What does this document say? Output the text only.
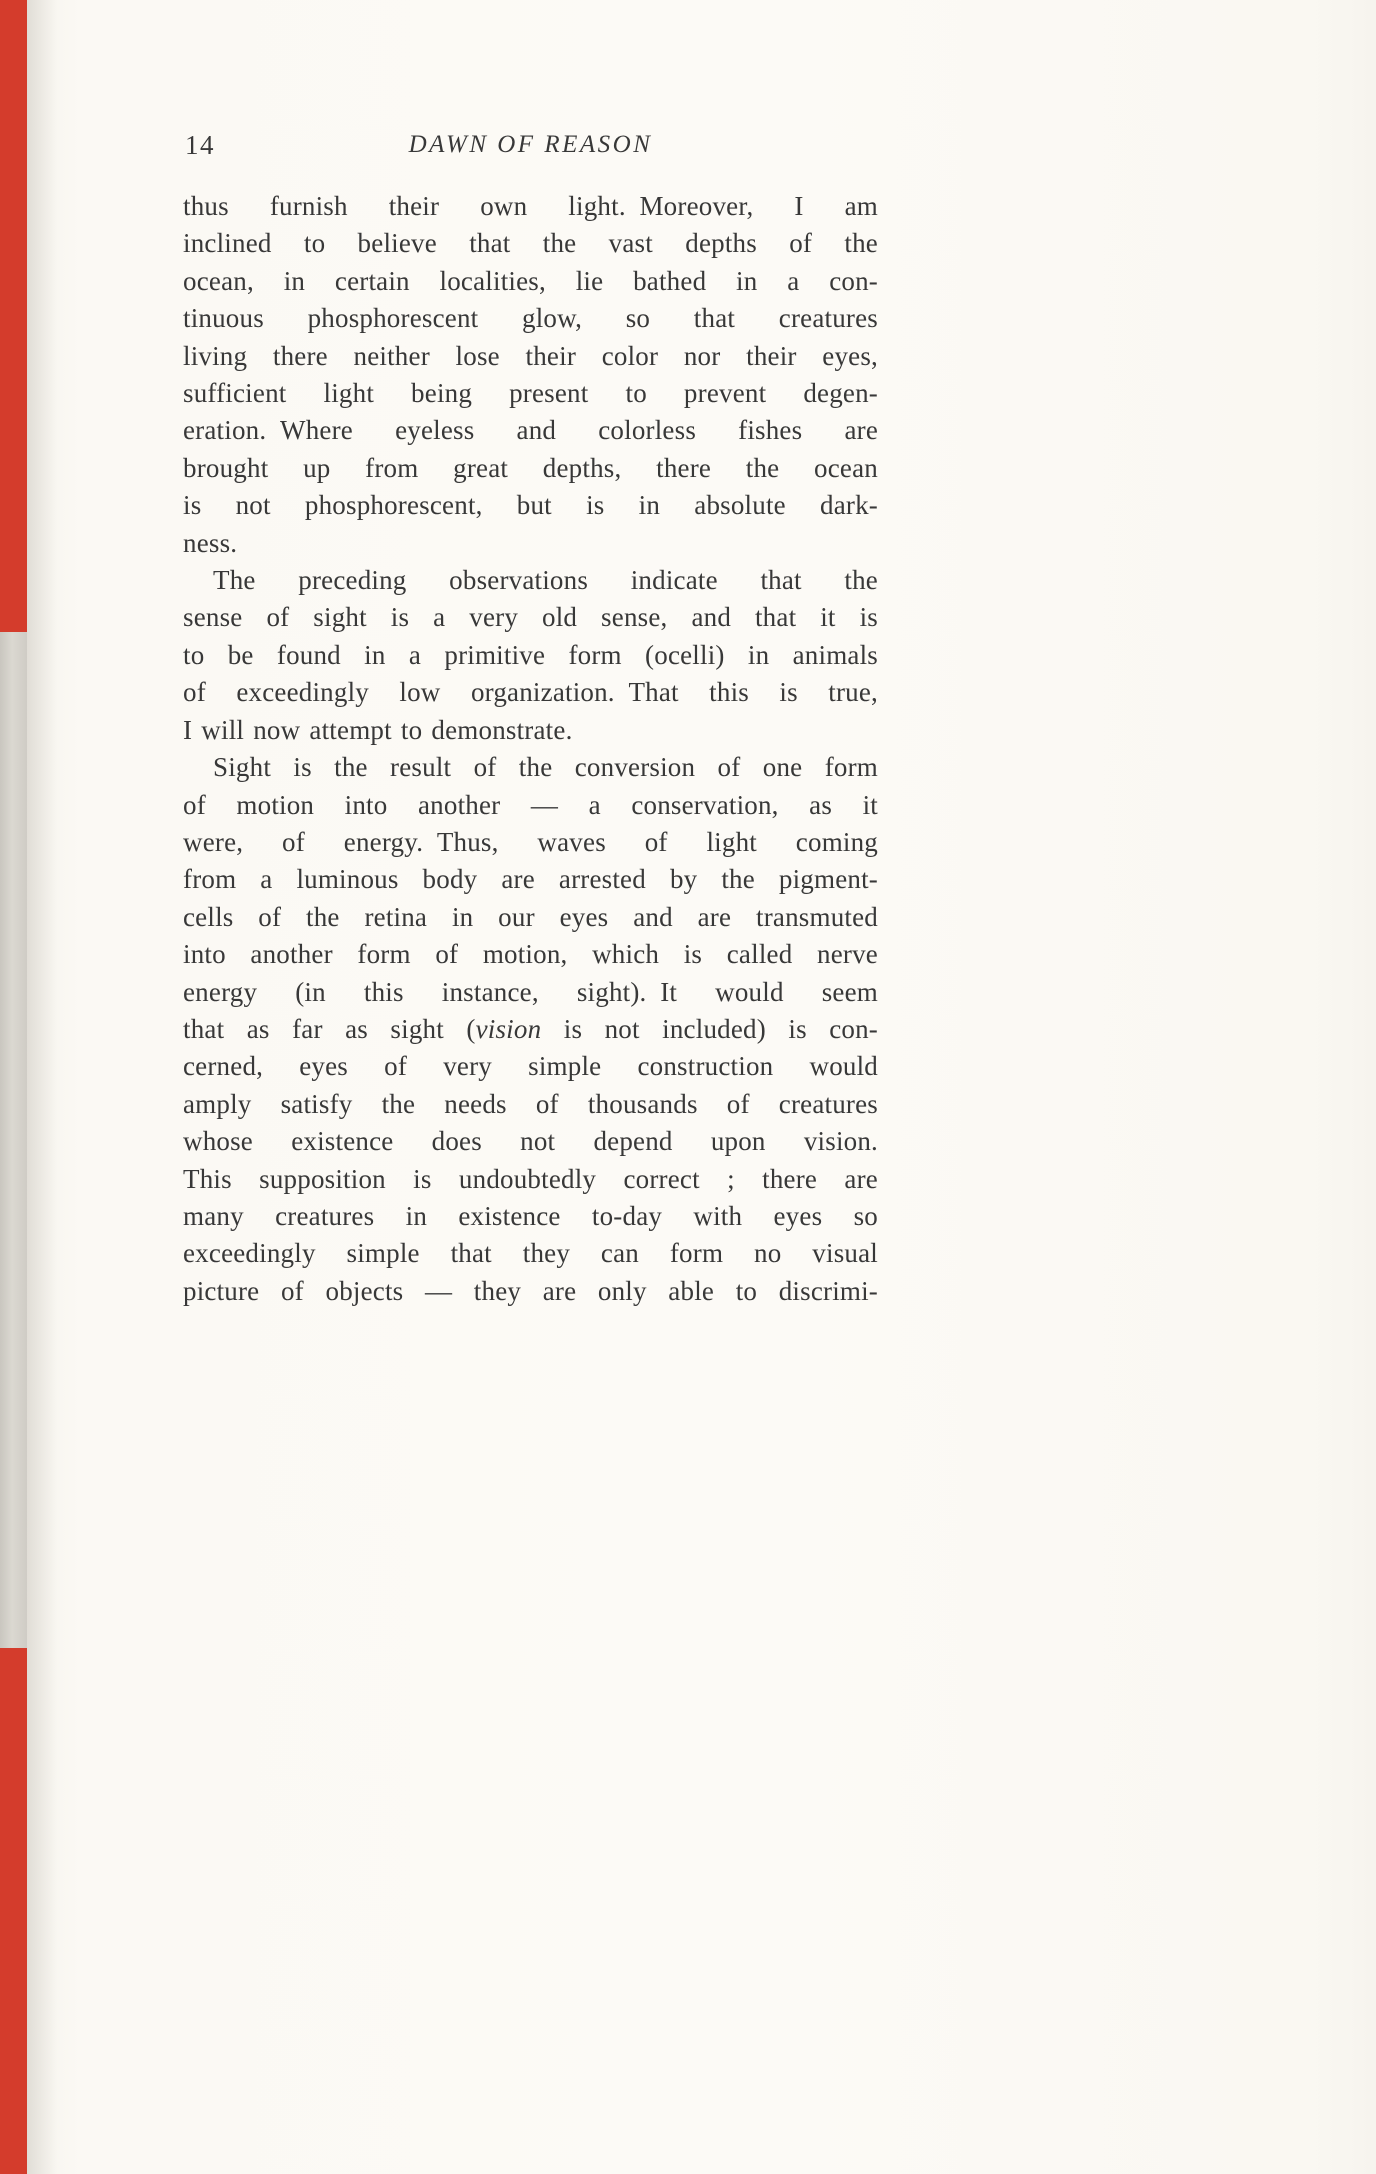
14	DAWN OF REASON
thus furnish their own light. Moreover, I am
inclined to believe that the vast depths of the
ocean, in certain localities, lie bathed in a con-
tinuous phosphorescent glow, so that creatures
living there neither lose their color nor their eyes,
sufficient light being present to prevent degen-
eration. Where eyeless and colorless fishes are
brought up from great depths, there the ocean
is not phosphorescent, but is in absolute dark-
ness.
The preceding observations indicate that the
sense of sight is a very old sense, and that it is
to be found in a primitive form (ocelli) in animals
of exceedingly low organization. That this is true,
I will now attempt to demonstrate.
Sight is the result of the conversion of one form
of motion into another — a conservation, as it
were, of energy. Thus, waves of light coming
from a luminous body are arrested by the pigment-
cells of the retina in our eyes and are transmuted
into another form of motion, which is called nerve
energy (in this instance, sight). It would seem
that as far as sight (vision is not included) is con-
cerned, eyes of very simple construction would
amply satisfy the needs of thousands of creatures
whose existence does not depend upon vision.
This supposition is undoubtedly correct ; there are
many creatures in existence to-day with eyes so
exceedingly simple that they can form no visual
picture of objects — they are only able to discrimi-
